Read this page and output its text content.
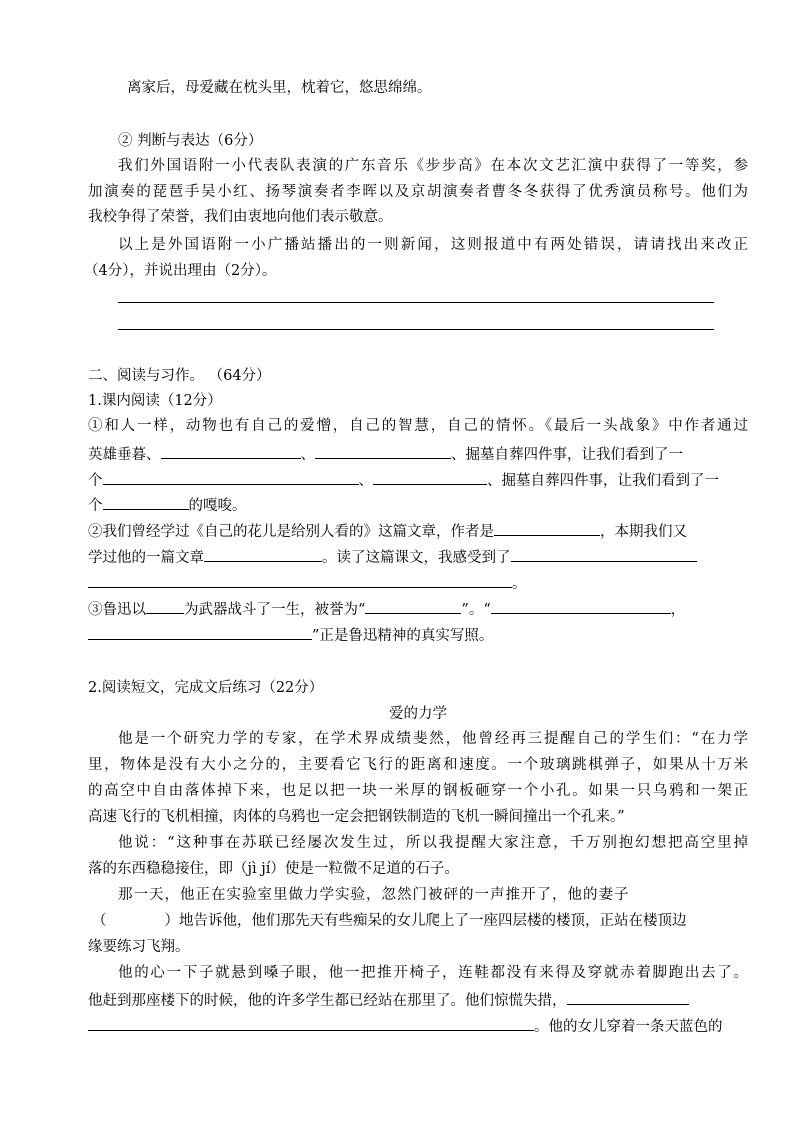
离家后，母爱藏在枕头里，枕着它，悠思绵绵。
② 判断与表达（6分）
我们外国语附一小代表队表演的广东音乐《步步高》在本次文艺汇演中获得了一等奖，参
加演奏的琵琶手吴小红、扬琴演奏者李晖以及京胡演奏者曹冬冬获得了优秀演员称号。他们为
我校争得了荣誉，我们由衷地向他们表示敬意。
以上是外国语附一小广播站播出的一则新闻，这则报道中有两处错误，请请找出来改正
（4分），并说出理由（2分）。
二、阅读与习作。 （64分）
1.课内阅读（12分）
①和人一样，动物也有自己的爱憎，自己的智慧，自己的情怀。《最后一头战象》中作者通过
英雄垂暮、	、	、掘墓自葬四件事，让我们看到了一
个	、	、掘墓自葬四件事，让我们看到了一
个	的嘎唆。
②我们曾经学过《自己的花儿是给别人看的》这篇文章，作者是	，本期我们又
学过他的一篇文章	。读了这篇课文，我感受到了
。
③鲁迅以	为武器战斗了一生，被誉为“	”。“	，
”正是鲁迅精神的真实写照。
2.阅读短文，完成文后练习（22分）
爱的力学
他是一个研究力学的专家，在学术界成绩斐然，他曾经再三提醒自己的学生们：“在力学
里，物体是没有大小之分的，主要看它飞行的距离和速度。一个玻璃跳棋弹子，如果从十万米
的高空中自由落体掉下来，也足以把一块一米厚的钢板砸穿一个小孔。如果一只乌鸦和一架正
高速飞行的飞机相撞，肉体的乌鸦也一定会把钢铁制造的飞机一瞬间撞出一个孔来。”
他说：“这种事在苏联已经屡次发生过，所以我提醒大家注意，千万别抱幻想把高空里掉
落的东西稳稳接住，即（jì jí）使是一粒微不足道的石子。
那一天，他正在实验室里做力学实验，忽然门被砰的一声推开了，他的妻子
（	）地告诉他，他们那先天有些痴呆的女儿爬上了一座四层楼的楼顶，正站在楼顶边
缘要练习飞翔。
他的心一下子就悬到嗓子眼，他一把推开椅子，连鞋都没有来得及穿就赤着脚跑出去了。
他赶到那座楼下的时候，他的许多学生都已经站在那里了。他们惊慌失措，
。他的女儿穿着一条天蓝色的
